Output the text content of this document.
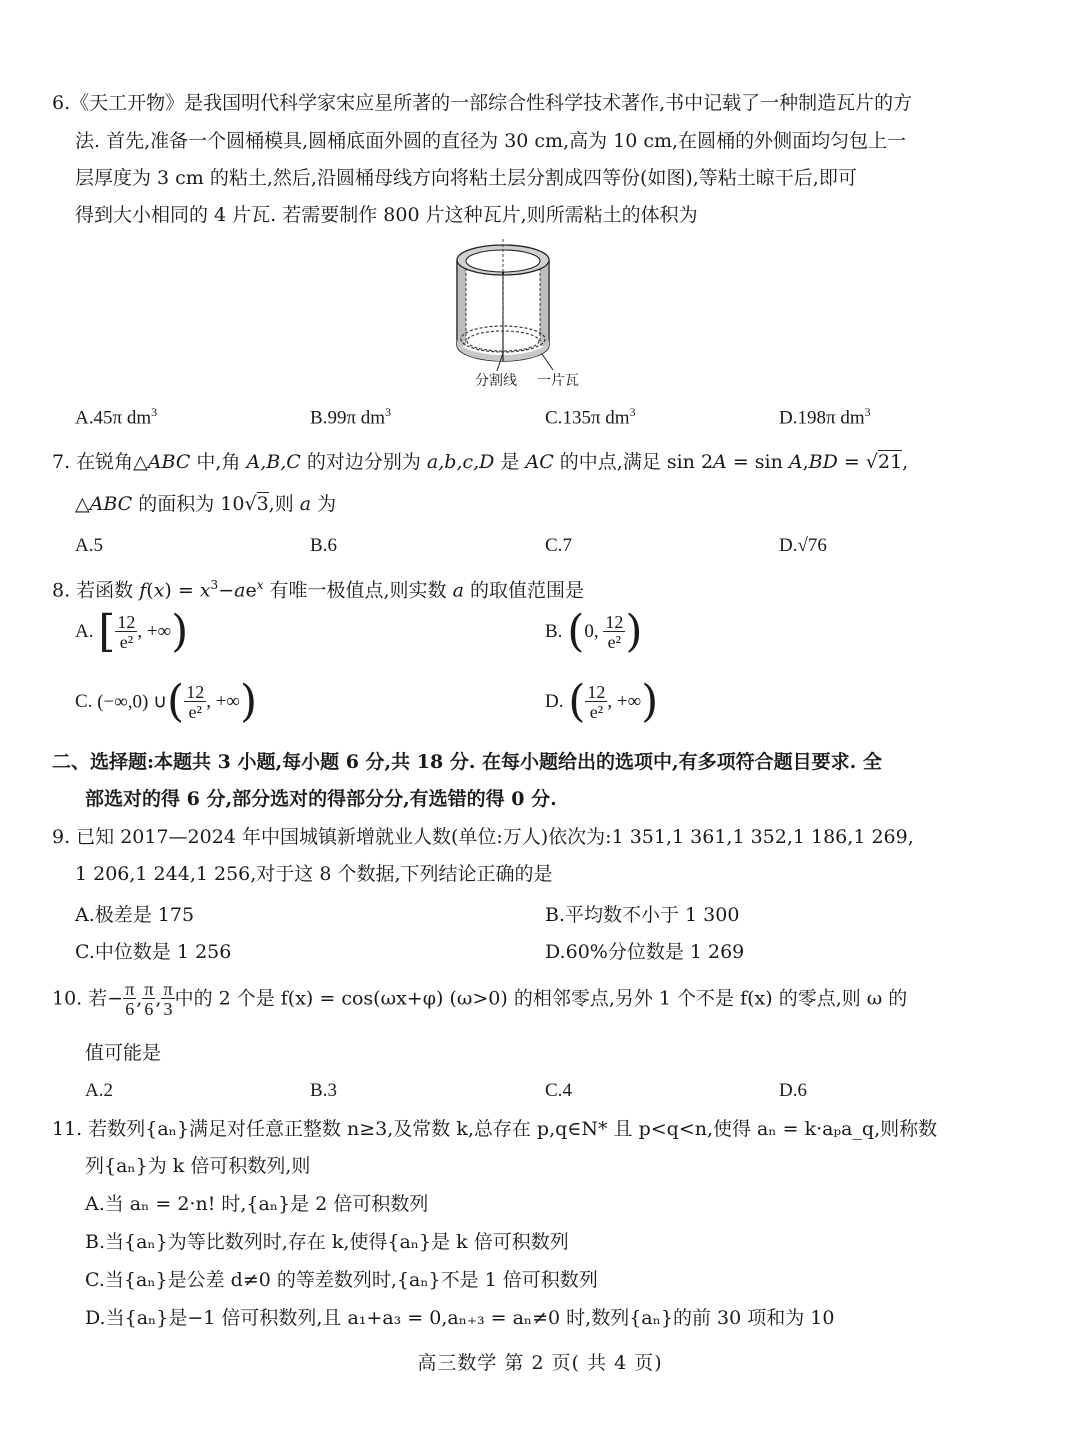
6.《天工开物》是我国明代科学家宋应星所著的一部综合性科学技术著作,书中记载了一种制造瓦片的方
法. 首先,准备一个圆桶模具,圆桶底面外圆的直径为 30 cm,高为 10 cm,在圆桶的外侧面均匀包上一
层厚度为 3 cm 的粘土,然后,沿圆桶母线方向将粘土层分割成四等份(如图),等粘土晾干后,即可
得到大小相同的 4 片瓦. 若需要制作 800 片这种瓦片,则所需粘土的体积为
分割线 一片瓦
A.45π $dm^3$	B.99π $dm^3$	C.135π $dm^3$	D.198π $dm^3$
7. 在锐角△ABC 中,角 A,B,C 的对边分别为 a,b,c,D 是 AC 的中点,满足 sin 2A = sin A,BD = √21,
△ABC 的面积为 10√3,则 a 为
A.5	B.6	C.7	D.√76
8. 若函数 $f(x) = x^3-ae^x$ 有唯一极值点,则实数 a 的取值范围是
A. [ $\frac{12}{\text{e²}}$ , +∞)	B. (0, $\frac{12}{\text{e²}}$ )
C. (−∞,0) ∪( $\frac{12}{\text{e²}}$ , +∞)	D. ( $\frac{12}{\text{e²}}$ , +∞)
二、选择题:本题共 3 小题,每小题 6 分,共 18 分. 在每小题给出的选项中,有多项符合题目要求. 全
部选对的得 6 分,部分选对的得部分分,有选错的得 0 分.
9. 已知 2017—2024 年中国城镇新增就业人数(单位:万人)依次为:1 351,1 361,1 352,1 186,1 269,
1 206,1 244,1 256,对于这 8 个数据,下列结论正确的是
A.极差是 175	B.平均数不小于 1 300
C.中位数是 1 256	D.60%分位数是 1 269
10. 若− $\frac{\pi}{6}$ , $\frac{\pi}{6}$ , $\frac{\pi}{3}$ 中的 2 个是 f(x) = cos(ωx+φ) (ω>0) 的相邻零点,另外 1 个不是 f(x) 的零点,则 ω 的
值可能是
A.2	B.3	C.4	D.6
11. 若数列{aₙ}满足对任意正整数 n≥3,及常数 k,总存在 p,q∈N* 且 p<q<n,使得 aₙ = k·aₚa_q,则称数
列{aₙ}为 k 倍可积数列,则
A.当 aₙ = 2·n! 时,{aₙ}是 2 倍可积数列
B.当{aₙ}为等比数列时,存在 k,使得{aₙ}是 k 倍可积数列
C.当{aₙ}是公差 d≠0 的等差数列时,{aₙ}不是 1 倍可积数列
D.当{aₙ}是−1 倍可积数列,且 a₁+a₃ = 0,aₙ₊₃ = aₙ≠0 时,数列{aₙ}的前 30 项和为 10
高三数学 第 2 页( 共 4 页)
